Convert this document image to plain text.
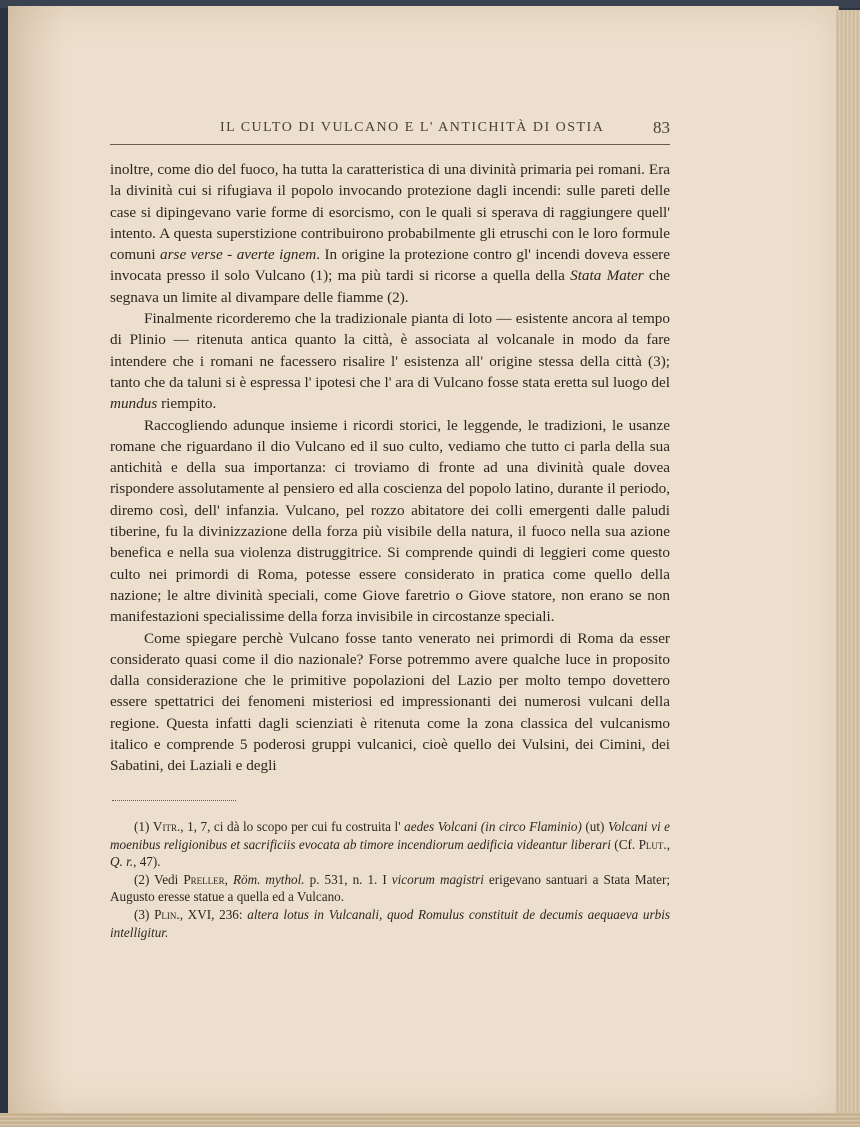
IL CULTO DI VULCANO E L' ANTICHITÀ DI OSTIA	83

inoltre, come dio del fuoco, ha tutta la caratteristica di una divinità primaria pei romani. Era la divinità cui si rifugiava il popolo invocando protezione dagli incendi: sulle pareti delle case si dipingevano varie forme di esorcismo, con le quali si sperava di raggiungere quell' intento. A questa superstizione contribuirono probabilmente gli etruschi con le loro formule comuni arse verse - averte ignem. In origine la protezione contro gl' incendi doveva essere invocata presso il solo Vulcano (1); ma più tardi si ricorse a quella della Stata Mater che segnava un limite al divampare delle fiamme (2).

Finalmente ricorderemo che la tradizionale pianta di loto — esistente ancora al tempo di Plinio — ritenuta antica quanto la città, è associata al volcanale in modo da fare intendere che i romani ne facessero risalire l' esistenza all' origine stessa della città (3); tanto che da taluni si è espressa l' ipotesi che l' ara di Vulcano fosse stata eretta sul luogo del mundus riempito.

Raccogliendo adunque insieme i ricordi storici, le leggende, le tradizioni, le usanze romane che riguardano il dio Vulcano ed il suo culto, vediamo che tutto ci parla della sua antichità e della sua importanza: ci troviamo di fronte ad una divinità quale dovea rispondere assolutamente al pensiero ed alla coscienza del popolo latino, durante il periodo, diremo così, dell' infanzia. Vulcano, pel rozzo abitatore dei colli emergenti dalle paludi tiberine, fu la divinizzazione della forza più visibile della natura, il fuoco nella sua azione benefica e nella sua violenza distruggitrice. Si comprende quindi di leggieri come questo culto nei primordi di Roma, potesse essere considerato in pratica come quello della nazione; le altre divinità speciali, come Giove faretrio o Giove statore, non erano se non manifestazioni specialissime della forza invisibile in circostanze speciali.

Come spiegare perchè Vulcano fosse tanto venerato nei primordi di Roma da esser considerato quasi come il dio nazionale? Forse potremmo avere qualche luce in proposito dalla considerazione che le primitive popolazioni del Lazio per molto tempo dovettero essere spettatrici dei fenomeni misteriosi ed impressionanti dei numerosi vulcani della regione. Questa infatti dagli scienziati è ritenuta come la zona classica del vulcanismo italico e comprende 5 poderosi gruppi vulcanici, cioè quello dei Vulsini, dei Cimini, dei Sabatini, dei Laziali e degli

(1) Vitr., 1, 7, ci dà lo scopo per cui fu costruita l' aedes Volcani (in circo Flaminio) (ut) Volcani vi e moenibus religionibus et sacrificiis evocata ab timore incendiorum aedificia videantur liberari (Cf. Plut., Q. r., 47).

(2) Vedi Preller, Röm. mythol. p. 531, n. 1. I vicorum magistri erigevano santuari a Stata Mater; Augusto eresse statue a quella ed a Vulcano.

(3) Plin., XVI, 236: altera lotus in Vulcanali, quod Romulus constituit de decumis aequaeva urbis intelligitur.
